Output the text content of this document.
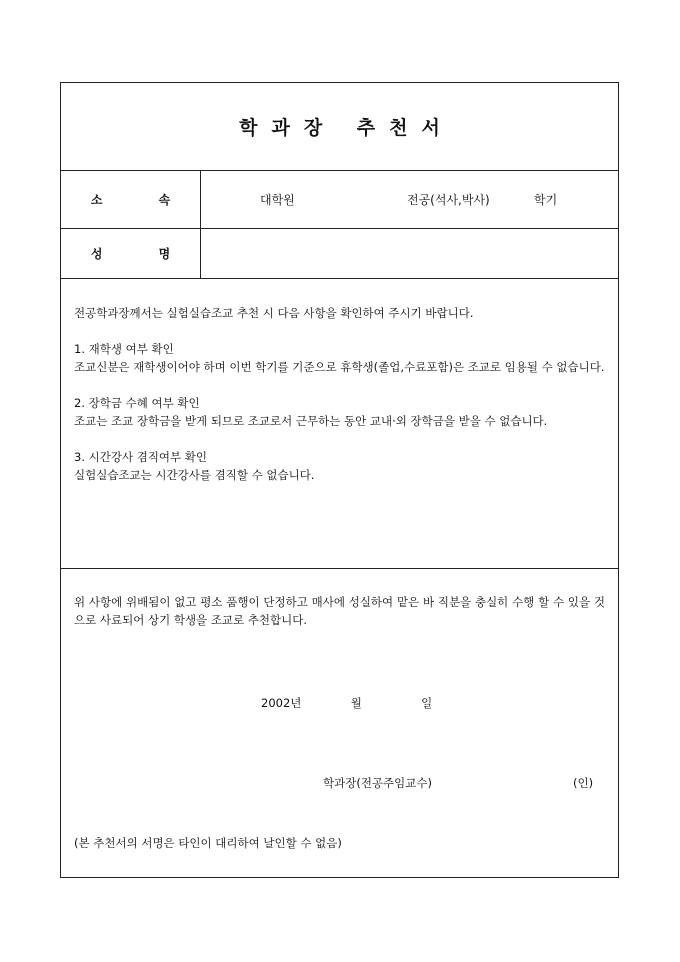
학과장 추천서
소 속	대학원	전공(석사,박사)	학기
성 명

전공학과장께서는 실험실습조교 추천 시 다음 사항을 확인하여 주시기 바랍니다.

1. 재학생 여부 확인

조교신분은 재학생이어야 하며 이번 학기를 기준으로 휴학생(졸업,수료포함)은 조교로 임용될 수 없습니다.

2. 장학금 수혜 여부 확인

조교는 조교 장학금을 받게 되므로 조교로서 근무하는 동안 교내·외 장학금을 받을 수 없습니다.

3. 시간강사 겸직여부 확인

실험실습조교는 시간강사를 겸직할 수 없습니다.

위 사항에 위배됨이 없고 평소 품행이 단정하고 매사에 성실하여 맡은 바 직분을 충실히 수행 할 수 있을 것으로 사료되어 상기 학생을 조교로 추천합니다.

2002년	월	일
학과장(전공주임교수)	(인)
(본 추천서의 서명은 타인이 대리하여 날인할 수 없음)
